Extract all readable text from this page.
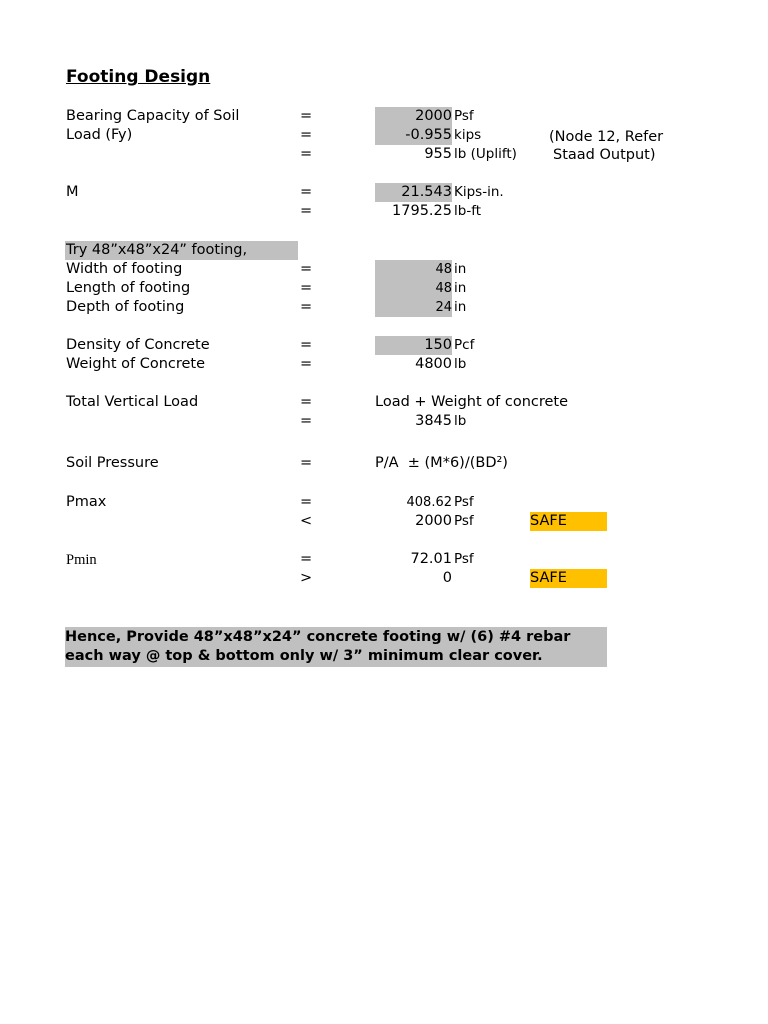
Footing Design
Bearing Capacity of Soil	=	2000 Psf
Load (Fy)	=	-0.955 kips	(Node 12, Refer
Staad Output)
=	955 lb (Uplift)
M	=	21.543 Kips-in.
=	1795.25 lb-ft
Try 48”x48”x24” footing,
Width of footing	=	48 in
Length of footing	=	48 in
Depth of footing	=	24 in
Density of Concrete	=	150 Pcf
Weight of Concrete	=	4800 lb
Total Vertical Load	=	Load + Weight of concrete
=	3845 lb
Soil Pressure	=	P/A  ± (M*6)/(BD²)
Pmax	=	408.62 Psf
<	2000 Psf	SAFE
Pmin	=	72.01 Psf
>	0	SAFE
Hence, Provide 48”x48”x24” concrete footing w/ (6) #4 rebar
each way @ top & bottom only w/ 3” minimum clear cover.
